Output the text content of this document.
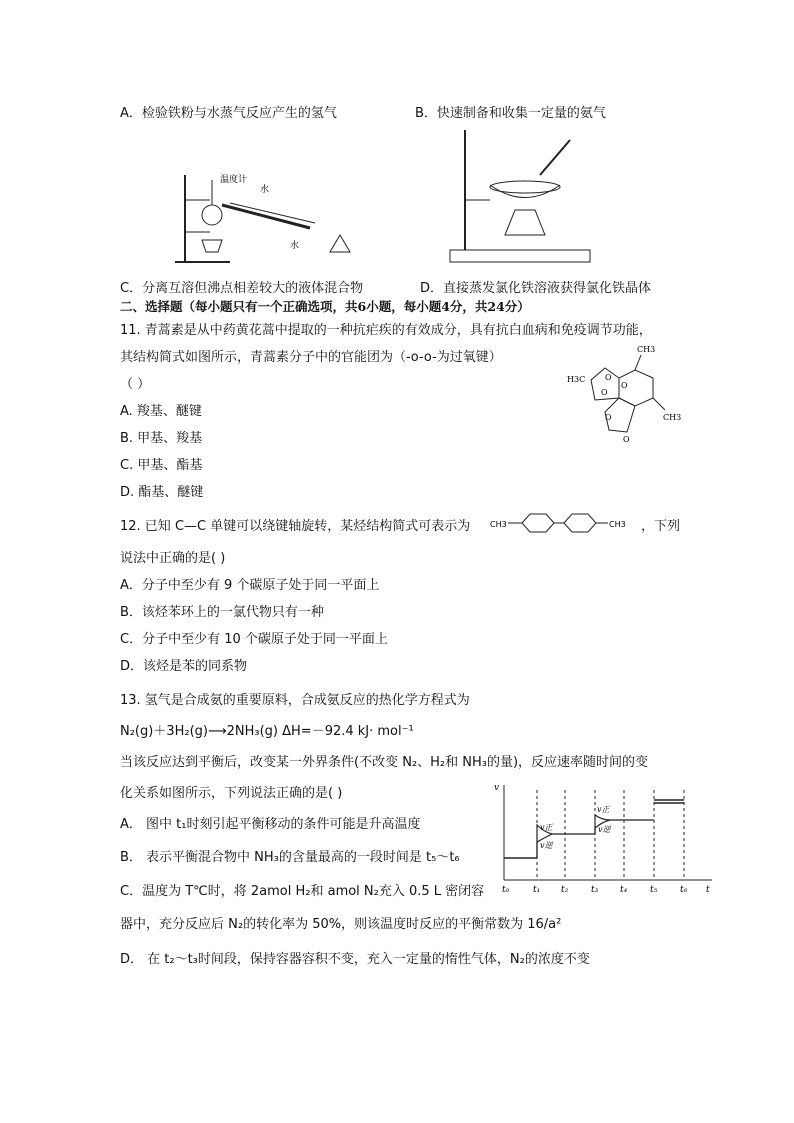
A．检验铁粉与水蒸气反应产生的氢气	B．快速制备和收集一定量的氨气
温度计
水
水
C．分离互溶但沸点相差较大的液体混合物	D．直接蒸发氯化铁溶液获得氯化铁晶体
二、选择题（每小题只有一个正确选项，共6小题，每小题4分，共24分）
11. 青蒿素是从中药黄花蒿中提取的一种抗疟疾的有效成分，具有抗白血病和免疫调节功能，
其结构简式如图所示，青蒿素分子中的官能团为（-o-o-为过氧键）
（ ）
A. 羧基、醚键
B. 甲基、羧基
C. 甲基、酯基
D. 酯基、醚键
CH3
H3C O
O
O
O
O
CH3
12. 已知 C—C 单键可以绕键轴旋转，某烃结构简式可表示为 CH3	CH3 ，下列
说法中正确的是( )
A．分子中至少有 9 个碳原子处于同一平面上
B．该烃苯环上的一氯代物只有一种
C．分子中至少有 10 个碳原子处于同一平面上
D．该烃是苯的同系物
13. 氢气是合成氨的重要原料，合成氨反应的热化学方程式为
N₂(g)＋3H₂(g)⟶2NH₃(g) ΔH=－92.4 kJ· mol⁻¹
当该反应达到平衡后，改变某一外界条件(不改变 N₂、H₂和 NH₃的量)，反应速率随时间的变
化关系如图所示，下列说法正确的是( )
A． 图中 t₁时刻引起平衡移动的条件可能是升高温度
B． 表示平衡混合物中 NH₃的含量最高的一段时间是 t₅～t₆
C．温度为 T℃时，将 2amol H₂和 amol N₂充入 0.5 L 密闭容
器中，充分反应后 N₂的转化率为 50%，则该温度时反应的平衡常数为 16/a²
D． 在 t₂～t₃时间段，保持容器容积不变，充入一定量的惰性气体，N₂的浓度不变
v
t
t₀	t₁ t₂	t₃ t₄	t₅	t₆
v正
v逆
v正
v逆
